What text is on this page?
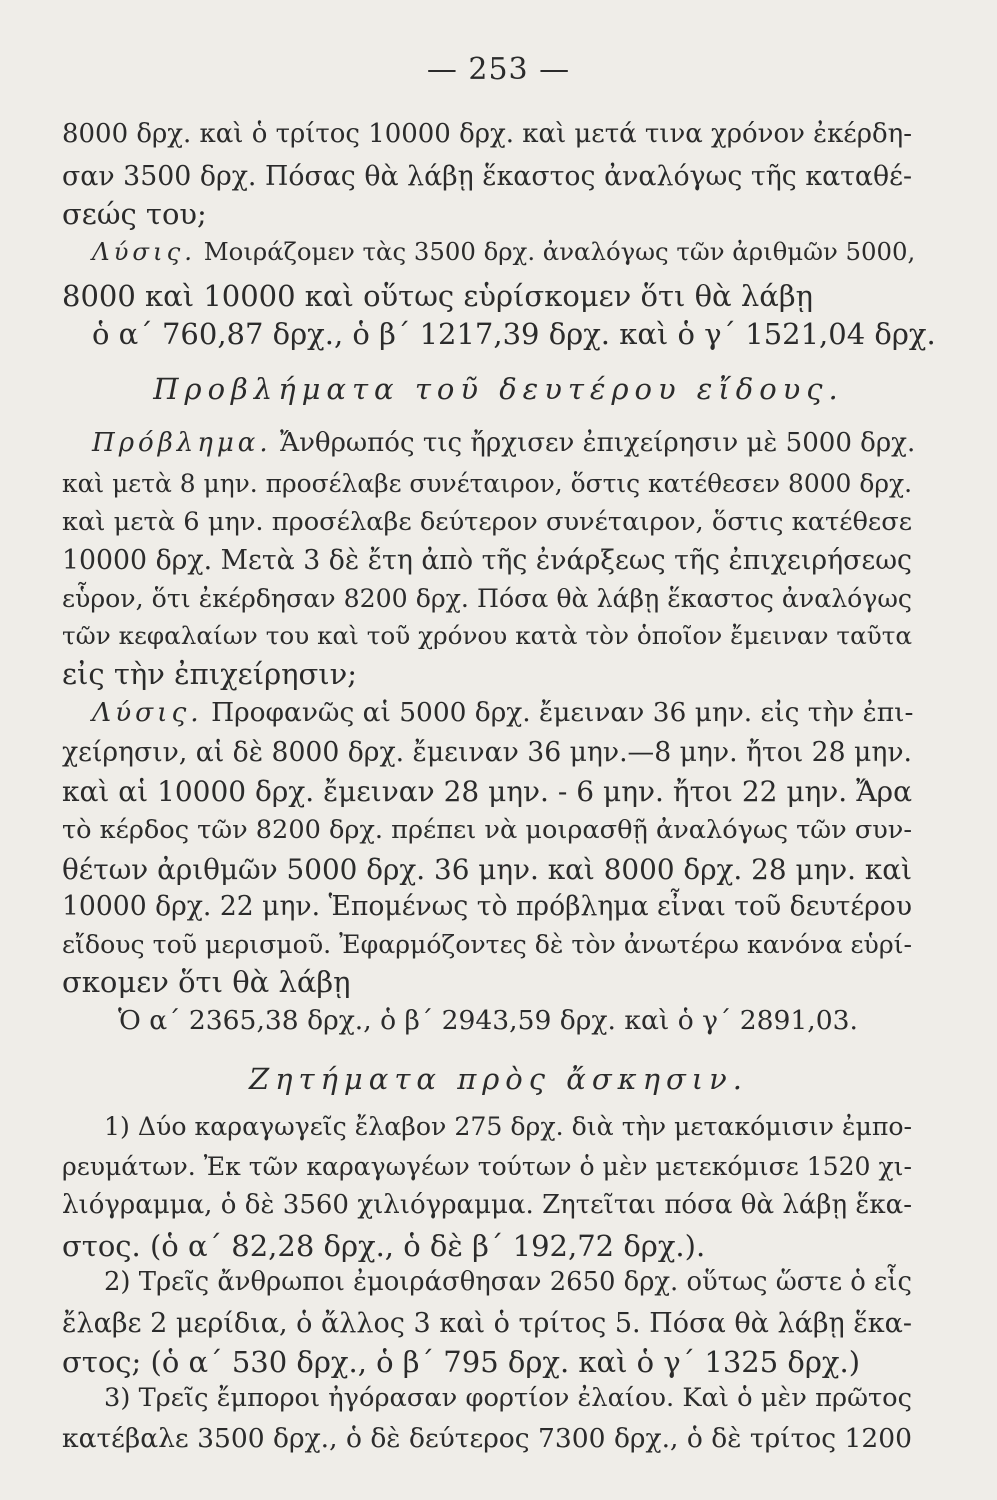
— 253 —
8000 δρχ. καὶ ὁ τρίτος 10000 δρχ. καὶ μετά τινα χρόνον ἐκέρδη-
σαν 3500 δρχ. Πόσας θὰ λάβῃ ἕκαστος ἀναλόγως τῆς καταθέ-
σεώς του;
Λύσις. Μοιράζομεν τὰς 3500 δρχ. ἀναλόγως τῶν ἀριθμῶν 5000,
8000 καὶ 10000 καὶ οὕτως εὑρίσκομεν ὅτι θὰ λάβῃ
ὁ α΄ 760,87 δρχ., ὁ β΄ 1217,39 δρχ. καὶ ὁ γ΄ 1521,04 δρχ.
Προβλήματα τοῦ δευτέρου εἴδους.
Πρόβλημα. Ἄνθρωπός τις ἤρχισεν ἐπιχείρησιν μὲ 5000 δρχ.
καὶ μετὰ 8 μην. προσέλαβε συνέταιρον, ὅστις κατέθεσεν 8000 δρχ.
καὶ μετὰ 6 μην. προσέλαβε δεύτερον συνέταιρον, ὅστις κατέθεσε
10000 δρχ. Μετὰ 3 δὲ ἔτη ἀπὸ τῆς ἐνάρξεως τῆς ἐπιχειρήσεως
εὗρον, ὅτι ἐκέρδησαν 8200 δρχ. Πόσα θὰ λάβῃ ἕκαστος ἀναλόγως
τῶν κεφαλαίων του καὶ τοῦ χρόνου κατὰ τὸν ὁποῖον ἔμειναν ταῦτα
εἰς τὴν ἐπιχείρησιν;
Λύσις. Προφανῶς αἱ 5000 δρχ. ἔμειναν 36 μην. εἰς τὴν ἐπι-
χείρησιν, αἱ δὲ 8000 δρχ. ἔμειναν 36 μην.—8 μην. ἤτοι 28 μην.
καὶ αἱ 10000 δρχ. ἔμειναν 28 μην. - 6 μην. ἤτοι 22 μην. Ἄρα
τὸ κέρδος τῶν 8200 δρχ. πρέπει νὰ μοιρασθῇ ἀναλόγως τῶν συν-
θέτων ἀριθμῶν 5000 δρχ. 36 μην. καὶ 8000 δρχ. 28 μην. καὶ
10000 δρχ. 22 μην. Ἑπομένως τὸ πρόβλημα εἶναι τοῦ δευτέρου
εἴδους τοῦ μερισμοῦ. Ἐφαρμόζοντες δὲ τὸν ἀνωτέρω κανόνα εὑρί-
σκομεν ὅτι θὰ λάβῃ
Ὁ α΄ 2365,38 δρχ., ὁ β΄ 2943,59 δρχ. καὶ ὁ γ΄ 2891,03.
Ζητήματα πρὸς ἄσκησιν.
1) Δύο καραγωγεῖς ἔλαβον 275 δρχ. διὰ τὴν μετακόμισιν ἐμπο-
ρευμάτων. Ἐκ τῶν καραγωγέων τούτων ὁ μὲν μετεκόμισε 1520 χι-
λιόγραμμα, ὁ δὲ 3560 χιλιόγραμμα. Ζητεῖται πόσα θὰ λάβῃ ἕκα-
στος. (ὁ α΄ 82,28 δρχ., ὁ δὲ β΄ 192,72 δρχ.).
2) Τρεῖς ἄνθρωποι ἐμοιράσθησαν 2650 δρχ. οὕτως ὥστε ὁ εἷς
ἔλαβε 2 μερίδια, ὁ ἄλλος 3 καὶ ὁ τρίτος 5. Πόσα θὰ λάβῃ ἕκα-
στος; (ὁ α΄ 530 δρχ., ὁ β΄ 795 δρχ. καὶ ὁ γ΄ 1325 δρχ.)
3) Τρεῖς ἔμποροι ἠγόρασαν φορτίον ἐλαίου. Καὶ ὁ μὲν πρῶτος
κατέβαλε 3500 δρχ., ὁ δὲ δεύτερος 7300 δρχ., ὁ δὲ τρίτος 1200
